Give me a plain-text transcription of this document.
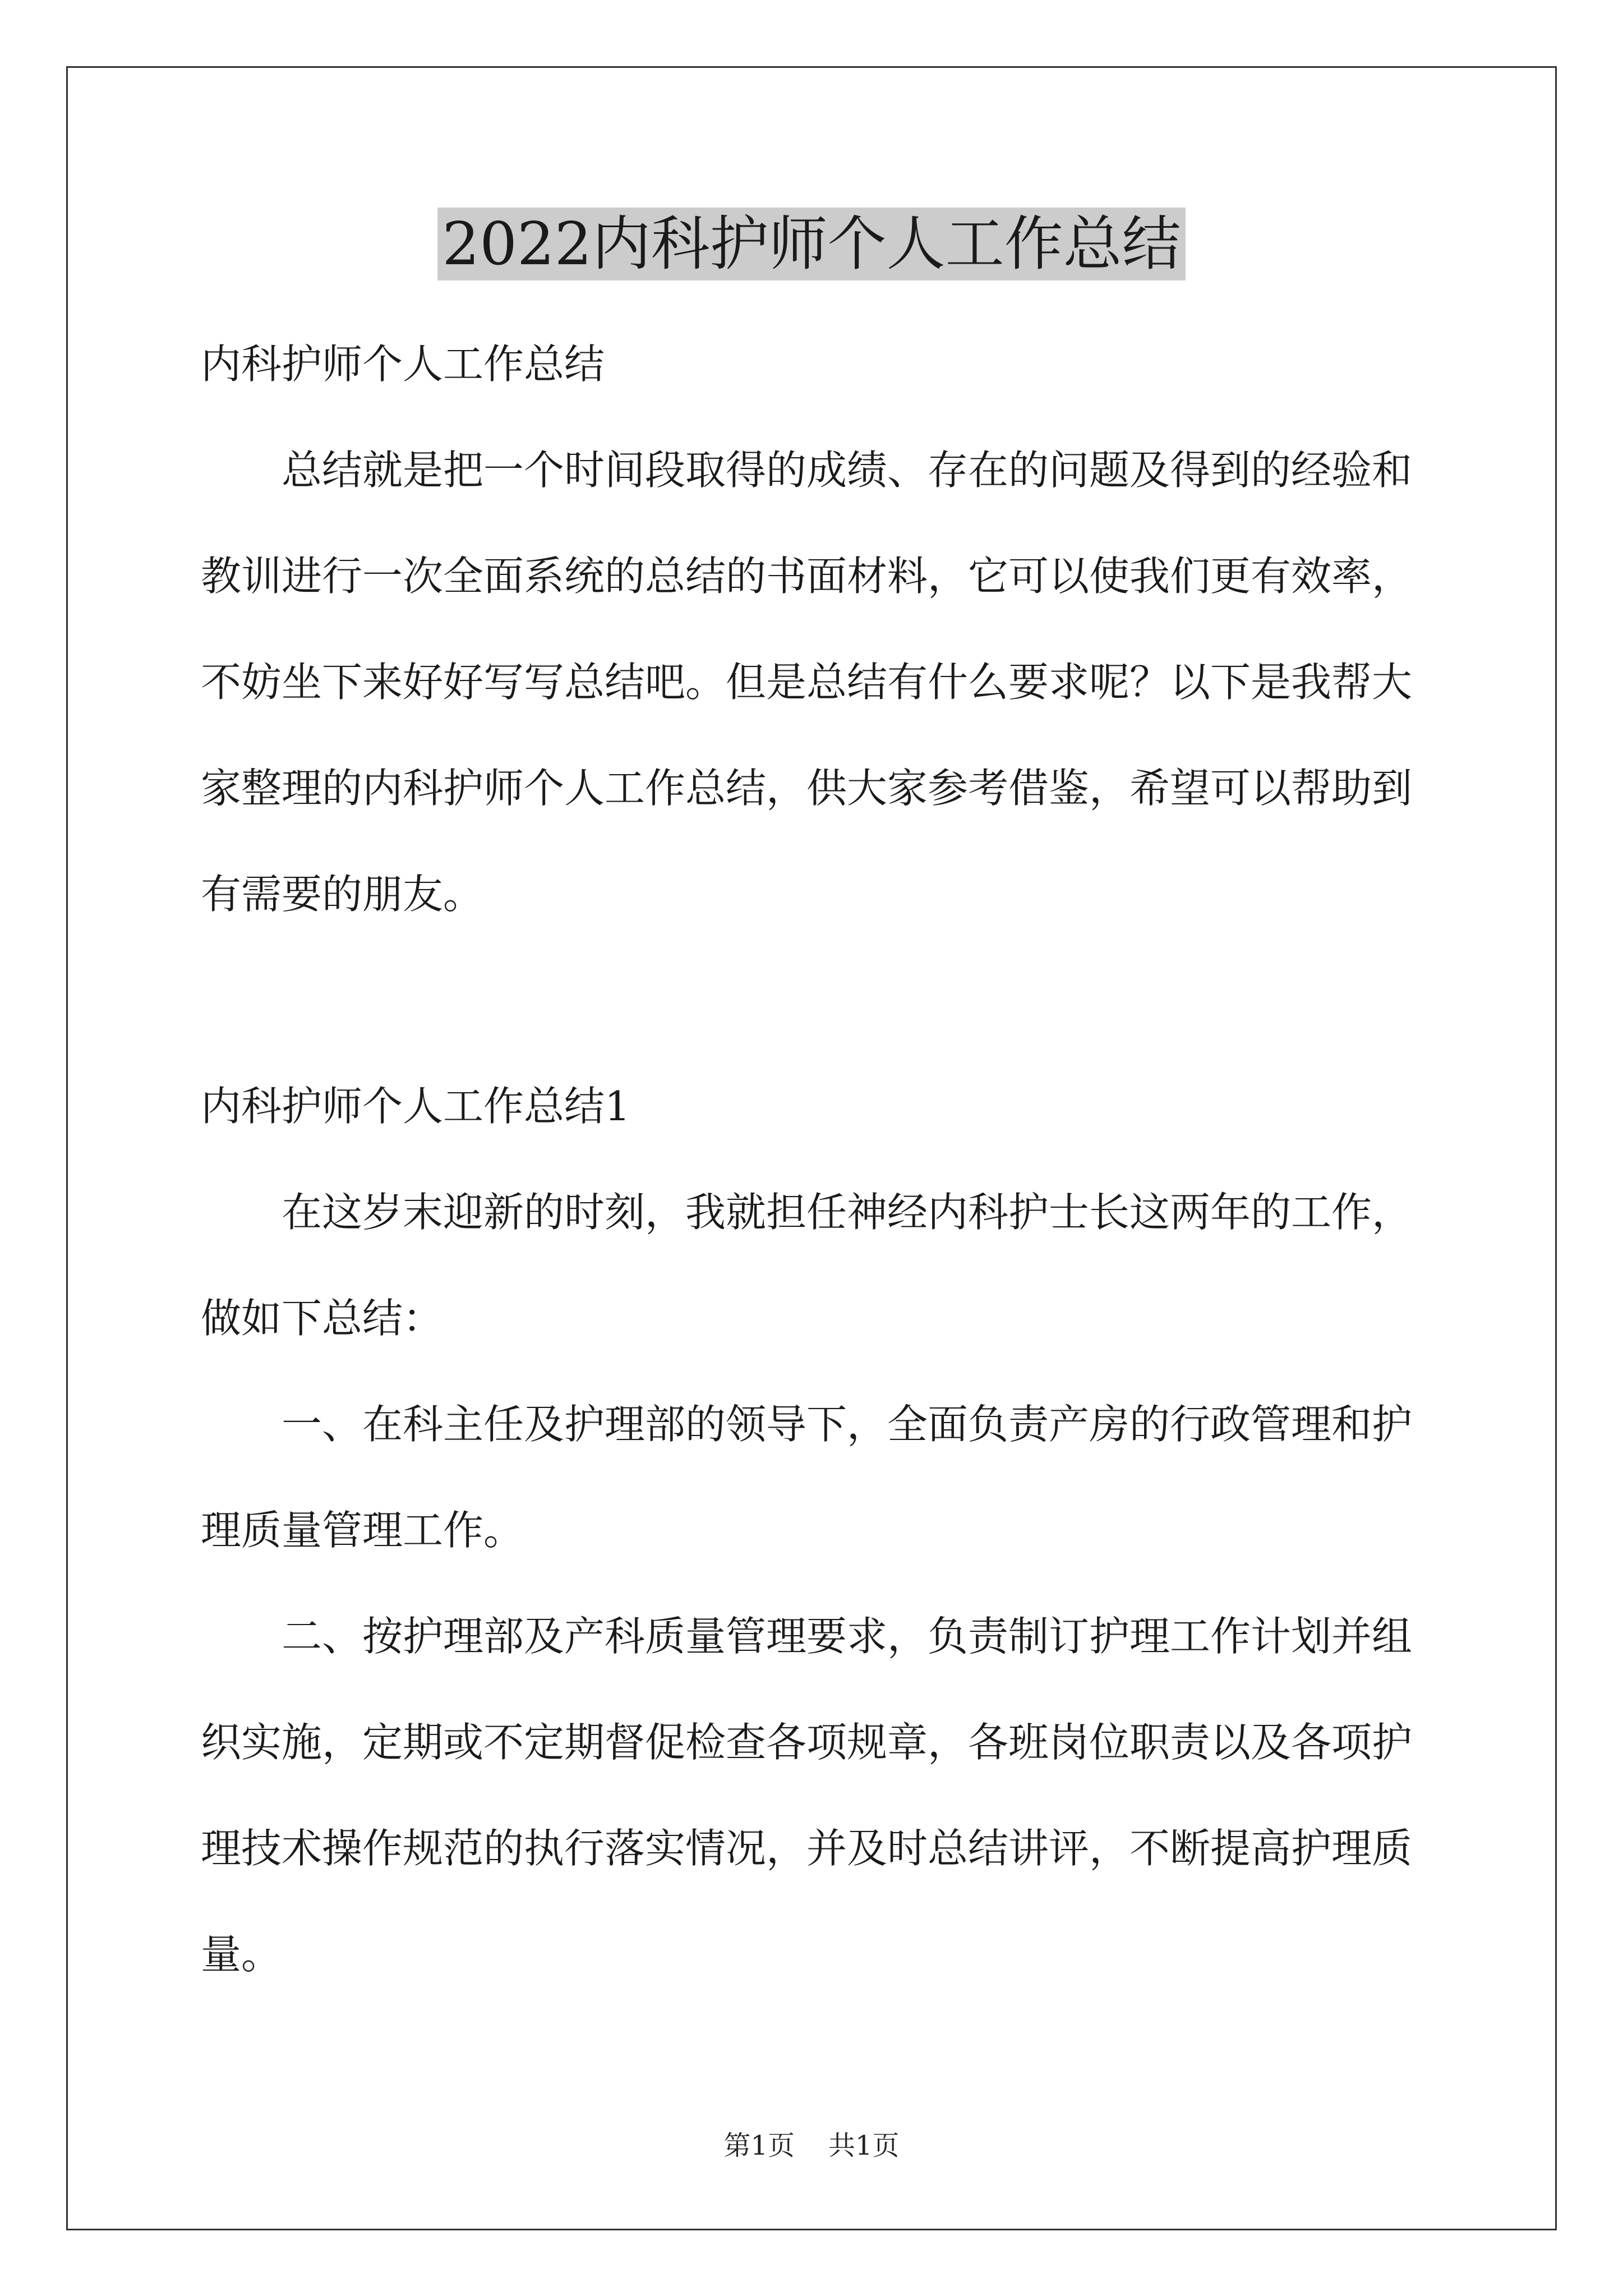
2022内科护师个人工作总结

内科护师个人工作总结

总结就是把一个时间段取得的成绩、存在的问题及得到的经验和教训进行一次全面系统的总结的书面材料，它可以使我们更有效率，不妨坐下来好好写写总结吧。但是总结有什么要求呢？以下是我帮大家整理的内科护师个人工作总结，供大家参考借鉴，希望可以帮助到有需要的朋友。

内科护师个人工作总结1

在这岁末迎新的时刻，我就担任神经内科护士长这两年的工作，做如下总结：

一、在科主任及护理部的领导下，全面负责产房的行政管理和护理质量管理工作。

二、按护理部及产科质量管理要求，负责制订护理工作计划并组织实施，定期或不定期督促检查各项规章，各班岗位职责以及各项护理技术操作规范的执行落实情况，并及时总结讲评，不断提高护理质量。

第1页 共1页
